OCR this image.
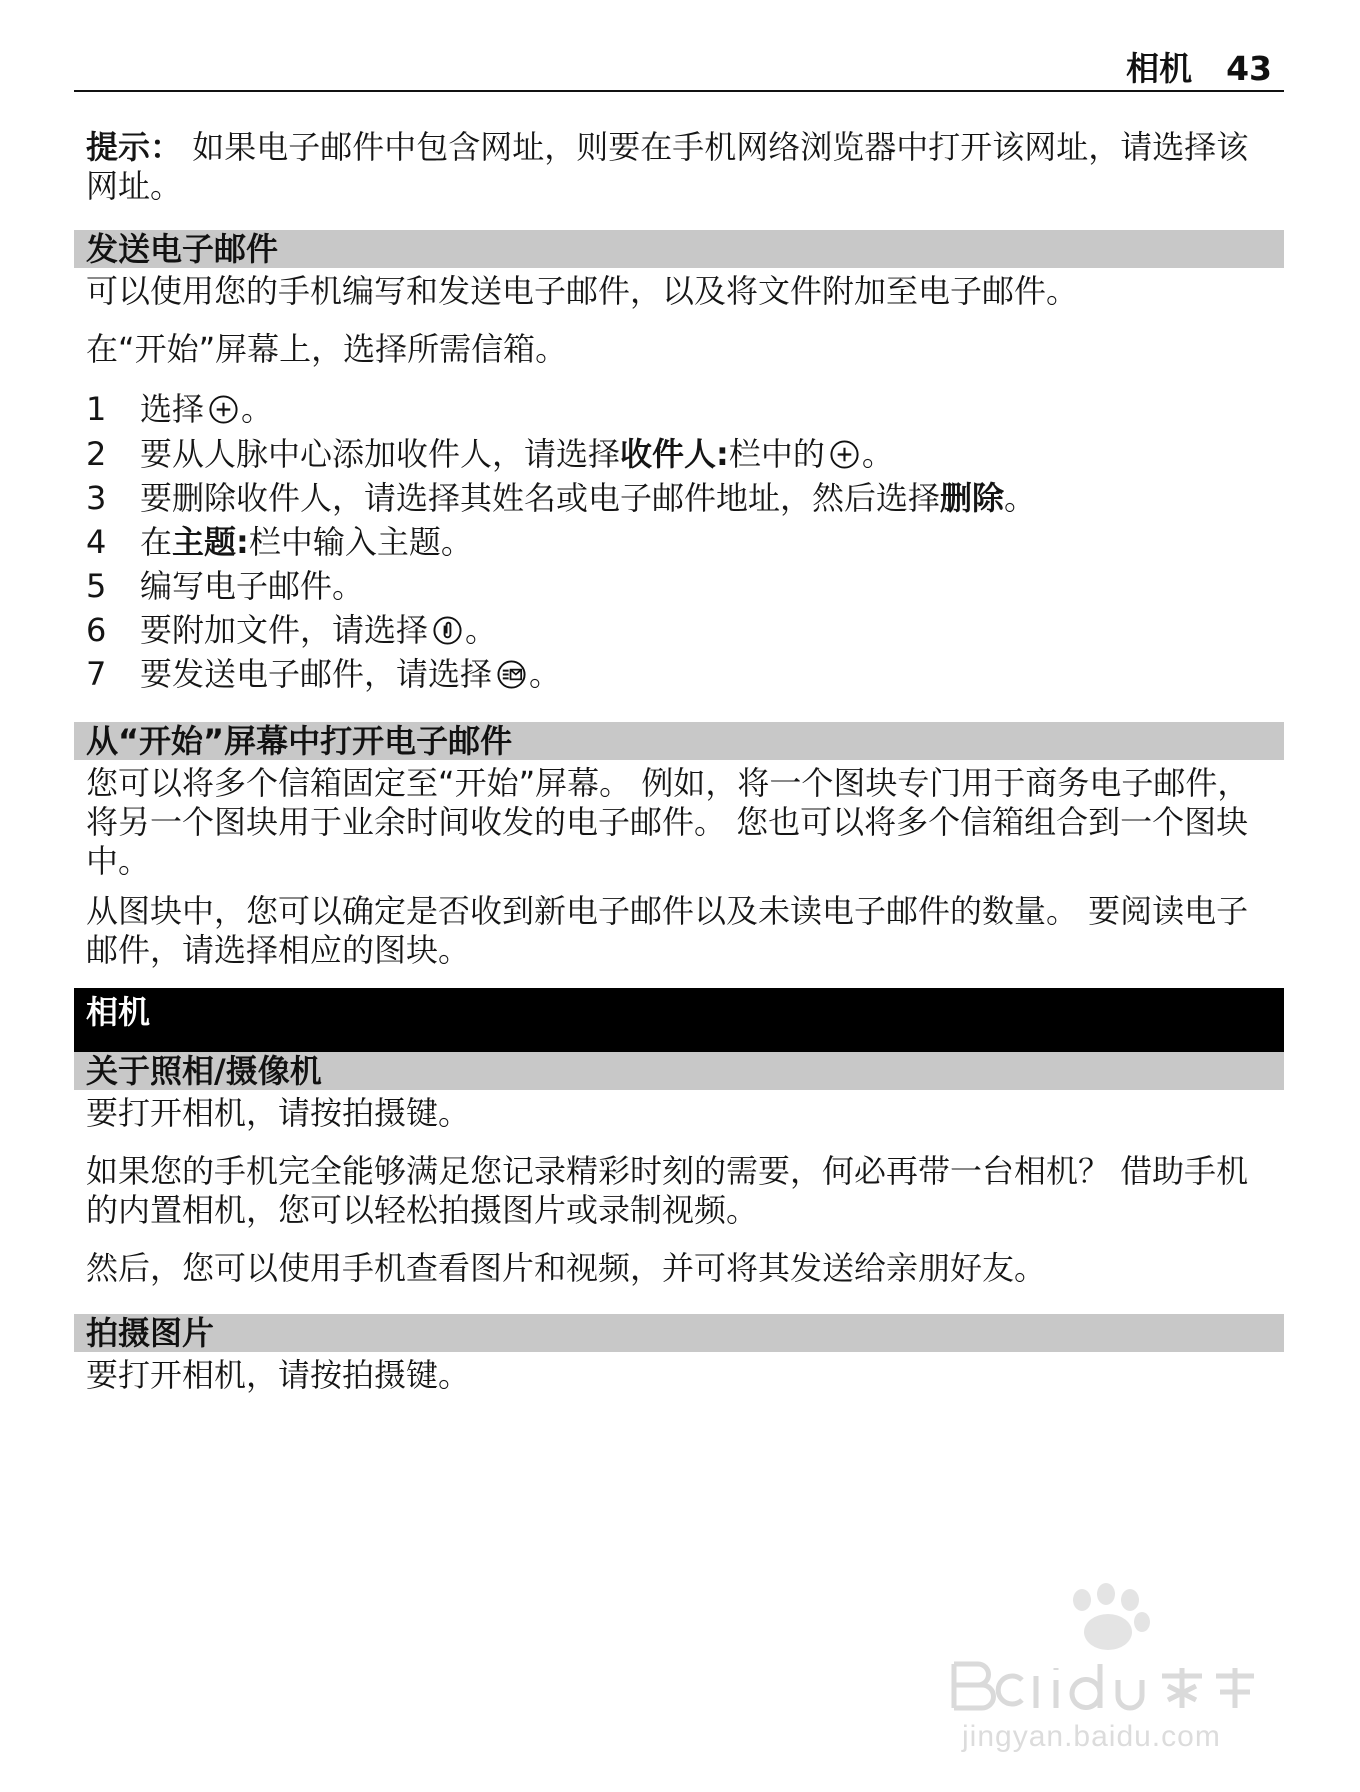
相机 43

提示： 如果电子邮件中包含网址，则要在手机网络浏览器中打开该网址，请选择该网址。

发送电子邮件

可以使用您的手机编写和发送电子邮件，以及将文件附加至电子邮件。

在“开始”屏幕上，选择所需信箱。

1 选择 。
2 要从人脉中心添加收件人，请选择收件人:栏中的 。
3 要删除收件人，请选择其姓名或电子邮件地址，然后选择删除。
4 在主题:栏中输入主题。
5 编写电子邮件。
6 要附加文件，请选择 。
7 要发送电子邮件，请选择 。
从“开始”屏幕中打开电子邮件

您可以将多个信箱固定至“开始”屏幕。 例如，将一个图块专门用于商务电子邮件，将另一个图块用于业余时间收发的电子邮件。 您也可以将多个信箱组合到一个图块中。

从图块中，您可以确定是否收到新电子邮件以及未读电子邮件的数量。 要阅读电子邮件，请选择相应的图块。

相机
关于照相/摄像机

要打开相机，请按拍摄键。

如果您的手机完全能够满足您记录精彩时刻的需要，何必再带一台相机？ 借助手机的内置相机，您可以轻松拍摄图片或录制视频。

然后，您可以使用手机查看图片和视频，并可将其发送给亲朋好友。

拍摄图片

要打开相机，请按拍摄键。

jingyan.baidu.com
